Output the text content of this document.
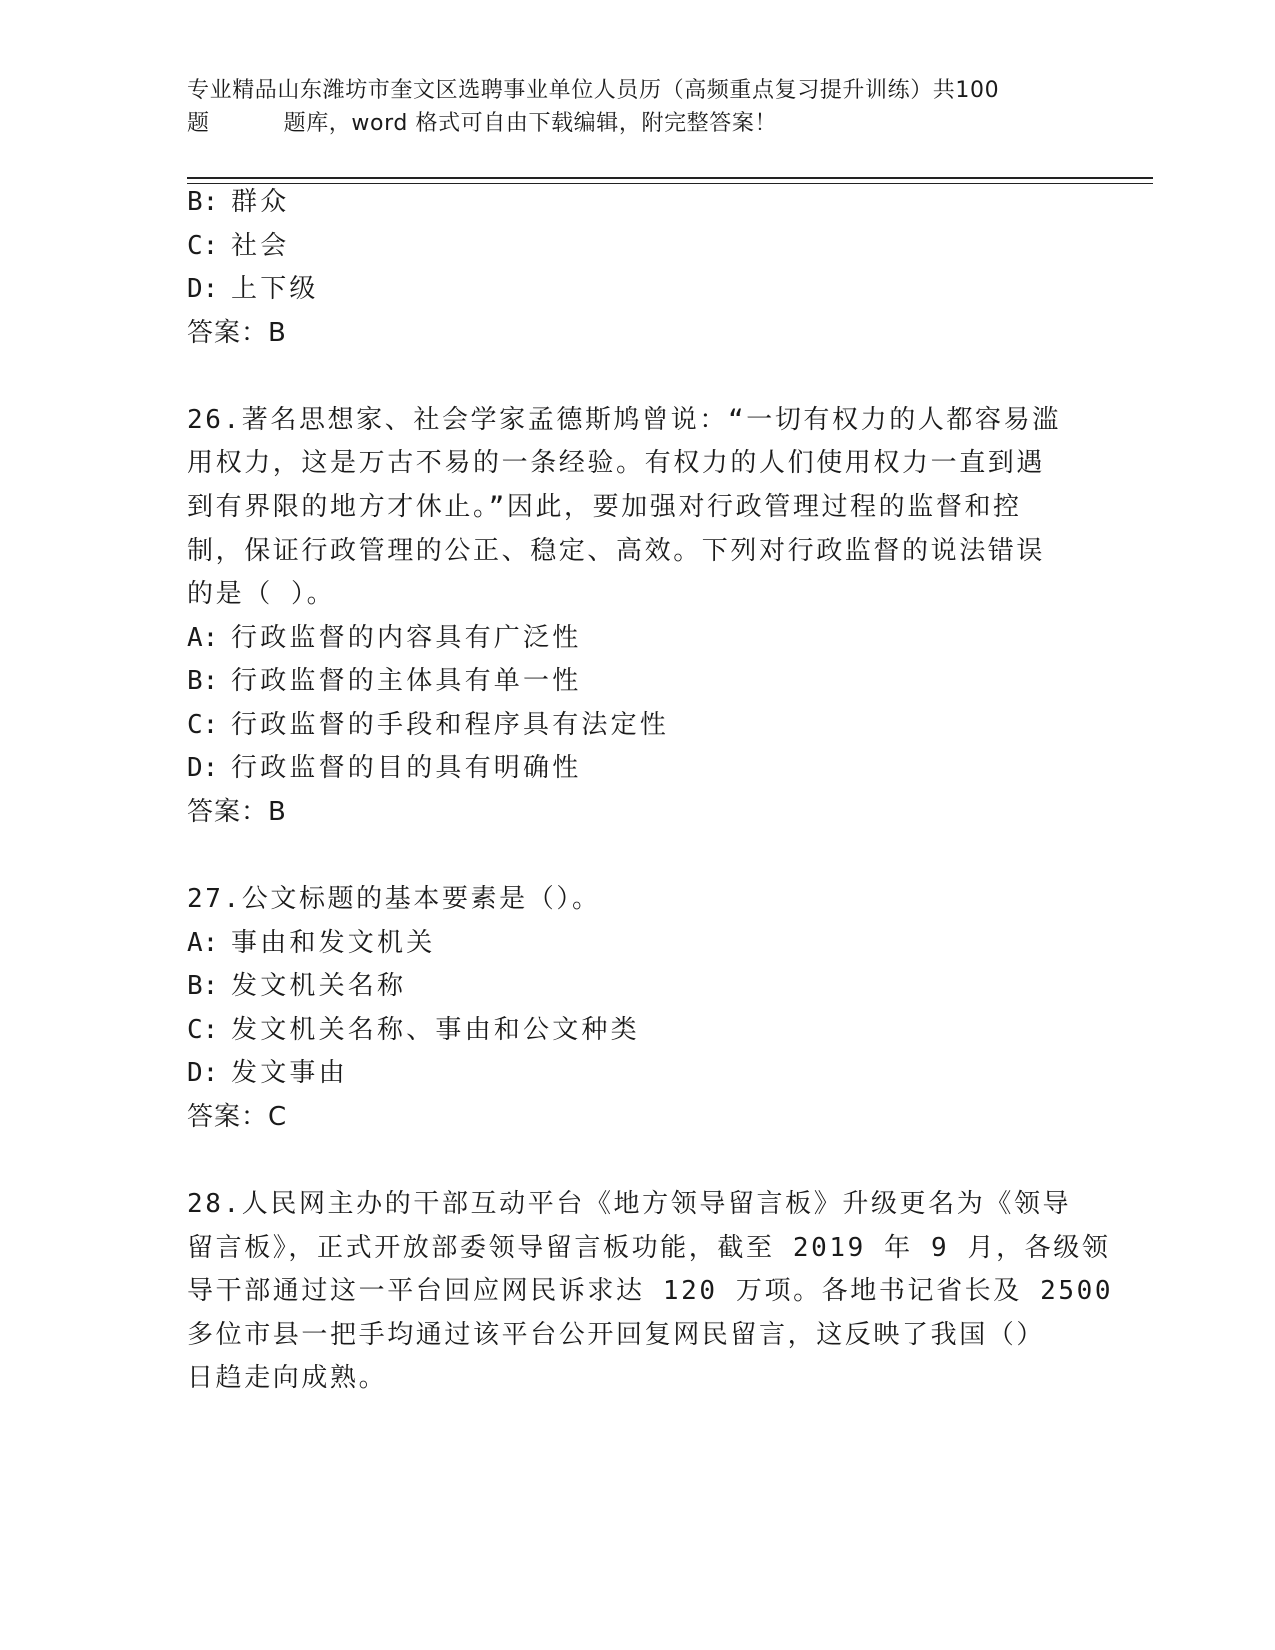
专业精品山东潍坊市奎文区选聘事业单位人员历（高频重点复习提升训练）共100
题	题库，word 格式可自由下载编辑，附完整答案！
B: 群众
C: 社会
D: 上下级
答案：B
26.著名思想家、社会学家孟德斯鸠曾说：“一切有权力的人都容易滥
用权力，这是万古不易的一条经验。有权力的人们使用权力一直到遇
到有界限的地方才休止。”因此，要加强对行政管理过程的监督和控
制，保证行政管理的公正、稳定、高效。下列对行政监督的说法错误
的是（ ）。
A: 行政监督的内容具有广泛性
B: 行政监督的主体具有单一性
C: 行政监督的手段和程序具有法定性
D: 行政监督的目的具有明确性
答案：B
27.公文标题的基本要素是（）。
A: 事由和发文机关
B: 发文机关名称
C: 发文机关名称、事由和公文种类
D: 发文事由
答案：C
28.人民网主办的干部互动平台《地方领导留言板》升级更名为《领导
留言板》，正式开放部委领导留言板功能，截至 2019 年 9 月，各级领
导干部通过这一平台回应网民诉求达 120 万项。各地书记省长及 2500
多位市县一把手均通过该平台公开回复网民留言，这反映了我国（）
日趋走向成熟。
